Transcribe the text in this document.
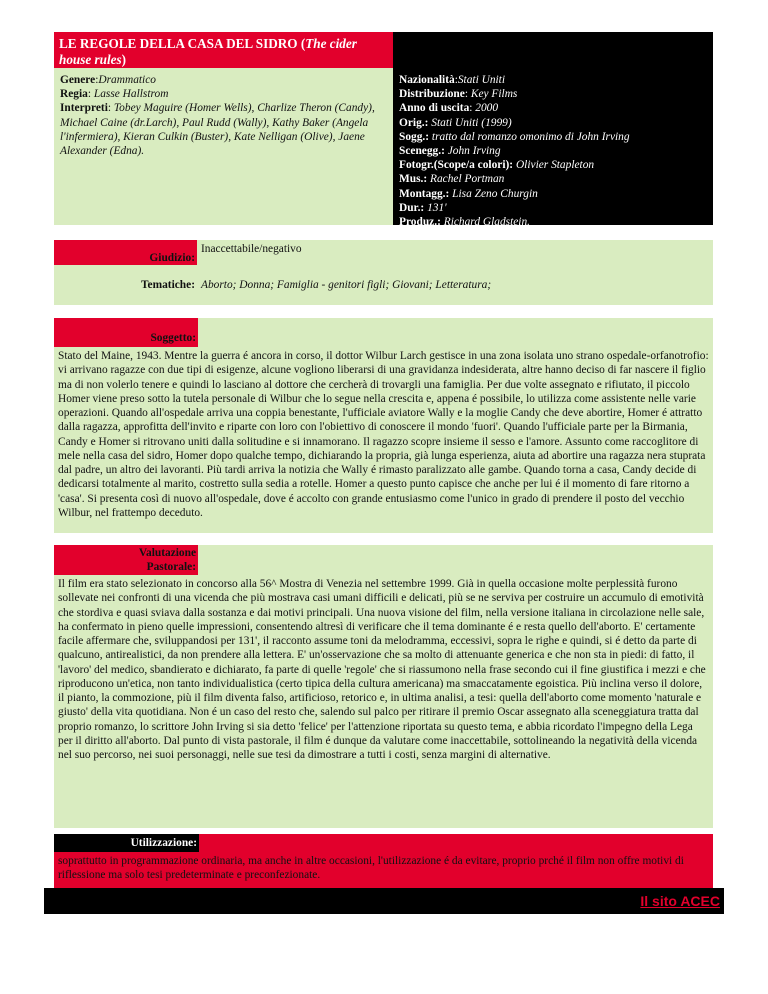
LE REGOLE DELLA CASA DEL SIDRO (The cider house rules)
Genere:Drammatico
Regia: Lasse Hallstrom
Interpreti: Tobey Maguire (Homer Wells), Charlize Theron (Candy), Michael Caine (dr.Larch), Paul Rudd (Wally), Kathy Baker (Angela l'infermiera), Kieran Culkin (Buster), Kate Nelligan (Olive), Jaene Alexander (Edna).
Nazionalità:Stati Uniti
Distribuzione: Key Films
Anno di uscita: 2000
Orig.: Stati Uniti (1999)
Sogg.: tratto dal romanzo omonimo di John Irving
Scenegg.: John Irving
Fotogr.(Scope/a colori): Olivier Stapleton
Mus.: Rachel Portman
Montagg.: Lisa Zeno Churgin
Dur.: 131'
Produz.: Richard Gladstein.
Giudizio:
Inaccettabile/negativo
Tematiche: Aborto; Donna; Famiglia - genitori figli; Giovani; Letteratura;
Soggetto:
Stato del Maine, 1943. Mentre la guerra é ancora in corso, il dottor Wilbur Larch gestisce in una zona isolata uno strano ospedale-orfanotrofio: vi arrivano ragazze con due tipi di esigenze, alcune vogliono liberarsi di una gravidanza indesiderata, altre hanno deciso di far nascere il figlio ma di non volerlo tenere e quindi lo lasciano al dottore che cercherà di trovargli una famiglia. Per due volte assegnato e rifiutato, il piccolo Homer viene preso sotto la tutela personale di Wilbur che lo segue nella crescita e, appena é possibile, lo utilizza come assistente nelle varie operazioni. Quando all'ospedale arriva una coppia benestante, l'ufficiale aviatore Wally e la moglie Candy che deve abortire, Homer é attratto dalla ragazza, approfitta dell'invito e riparte con loro con l'obiettivo di conoscere il mondo 'fuori'. Quando l'ufficiale parte per la Birmania, Candy e Homer si ritrovano uniti dalla solitudine e si innamorano. Il ragazzo scopre insieme il sesso e l'amore. Assunto come raccoglitore di mele nella casa del sidro, Homer dopo qualche tempo, dichiarando la propria, già lunga esperienza, aiuta ad abortire una ragazza nera stuprata dal padre, un altro dei lavoranti. Più tardi arriva la notizia che Wally é rimasto paralizzato alle gambe. Quando torna a casa, Candy decide di dedicarsi totalmente al marito, costretto sulla sedia a rotelle. Homer a questo punto capisce che anche per lui é il momento di fare ritorno a 'casa'. Si presenta così di nuovo all'ospedale, dove é accolto con grande entusiasmo come l'unico in grado di prendere il posto del vecchio Wilbur, nel frattempo deceduto.
Valutazione
Pastorale:
Il film era stato selezionato in concorso alla 56^ Mostra di Venezia nel settembre 1999. Già in quella occasione molte perplessità furono sollevate nei confronti di una vicenda che più mostrava casi umani difficili e delicati, più se ne serviva per costruire un accumulo di emotività che stordiva e quasi sviava dalla sostanza e dai motivi principali. Una nuova visione del film, nella versione italiana in circolazione nelle sale, ha confermato in pieno quelle impressioni, consentendo altresì di verificare che il tema dominante é e resta quello dell'aborto. E' certamente facile affermare che, sviluppandosi per 131', il racconto assume toni da melodramma, eccessivi, sopra le righe e quindi, si é detto da parte di qualcuno, antirealistici, da non prendere alla lettera. E' un'osservazione che sa molto di attenuante generica e che non sta in piedi: di fatto, il 'lavoro' del medico, sbandierato e dichiarato, fa parte di quelle 'regole' che si riassumono nella frase secondo cui il fine giustifica i mezzi e che riproducono un'etica, non tanto individualistica (certo tipica della cultura americana) ma smaccatamente egoistica. Più inclina verso il dolore, il pianto, la commozione, più il film diventa falso, artificioso, retorico e, in ultima analisi, a tesi: quella dell'aborto come momento 'naturale e giusto' della vita quotidiana. Non é un caso del resto che, salendo sul palco per ritirare il premio Oscar assegnato alla sceneggiatura tratta dal proprio romanzo, lo scrittore John Irving si sia detto 'felice' per l'attenzione riportata su questo tema, e abbia ricordato l'impegno della Lega per il diritto all'aborto. Dal punto di vista pastorale, il film é dunque da valutare come inaccettabile, sottolineando la negatività della vicenda nel suo percorso, nei suoi personaggi, nelle sue tesi da dimostrare a tutti i costi, senza margini di alternative.
Utilizzazione:
soprattutto in programmazione ordinaria, ma anche in altre occasioni, l'utilizzazione é da evitare, proprio prché il film non offre motivi di riflessione ma solo tesi predeterminate e preconfezionate.
Il sito ACEC
